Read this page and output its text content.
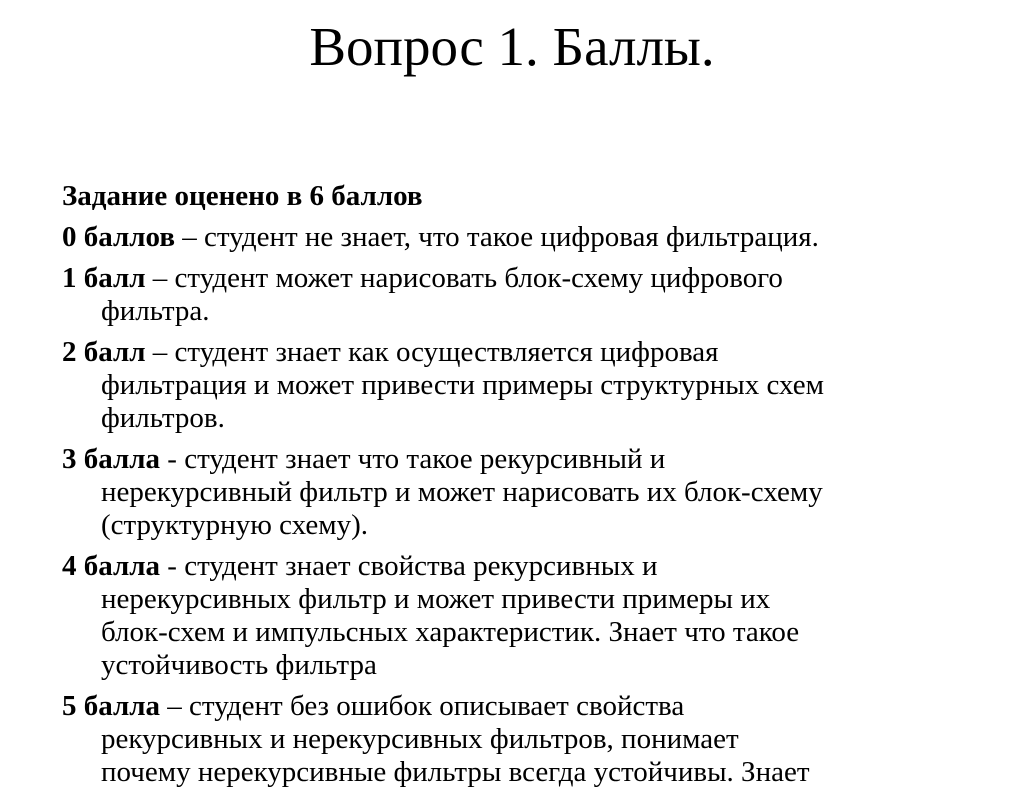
Вопрос 1. Баллы.
Задание оценено в 6 баллов
0 баллов – студент не знает, что такое цифровая фильтрация.
1 балл – студент может нарисовать блок-схему цифрового
фильтра.
2 балл – студент знает как осуществляется цифровая
фильтрация и может привести примеры структурных схем
фильтров.
3 балла - студент знает что такое рекурсивный и
нерекурсивный фильтр и может нарисовать их блок-схему
(структурную схему).
4 балла - студент знает свойства рекурсивных и
нерекурсивных фильтр и может привести примеры их
блок-схем и импульсных характеристик. Знает что такое
устойчивость фильтра
5 балла – студент без ошибок описывает свойства
рекурсивных и нерекурсивных фильтров, понимает
почему нерекурсивные фильтры всегда устойчивы. Знает
